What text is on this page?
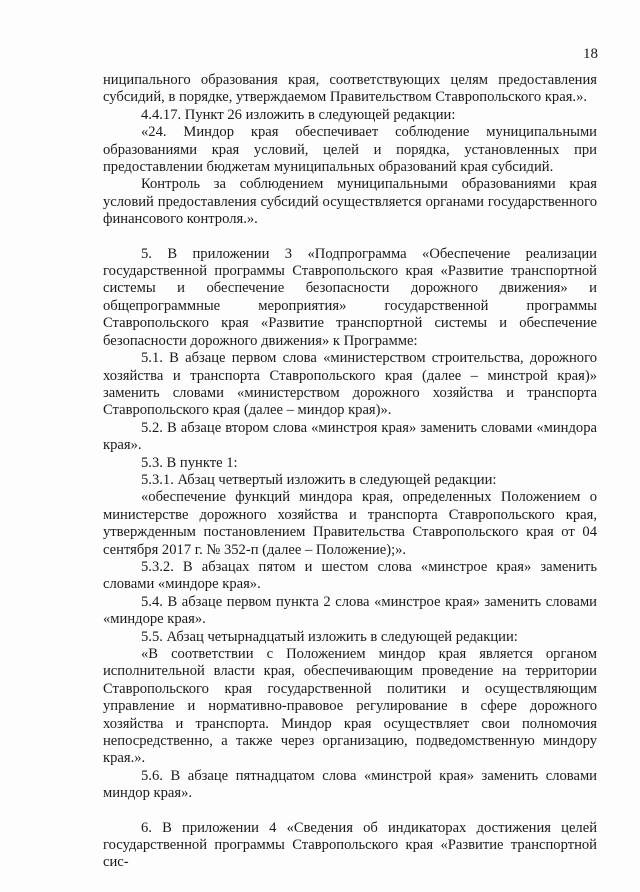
18

ниципального образования края, соответствующих целям предоставления субсидий, в порядке, утверждаемом Правительством Ставропольского края.».

4.4.17. Пункт 26 изложить в следующей редакции:

«24. Миндор края обеспечивает соблюдение муниципальными образованиями края условий, целей и порядка, установленных при предоставлении бюджетам муниципальных образований края субсидий.

Контроль за соблюдением муниципальными образованиями края условий предоставления субсидий осуществляется органами государственного финансового контроля.».

5. В приложении 3 «Подпрограмма «Обеспечение реализации государственной программы Ставропольского края «Развитие транспортной системы и обеспечение безопасности дорожного движения» и общепрограммные мероприятия» государственной программы Ставропольского края «Развитие транспортной системы и обеспечение безопасности дорожного движения» к Программе:

5.1. В абзаце первом слова «министерством строительства, дорожного хозяйства и транспорта Ставропольского края (далее – минстрой края)» заменить словами «министерством дорожного хозяйства и транспорта Ставропольского края (далее – миндор края)».

5.2. В абзаце втором слова «минстроя края» заменить словами «миндора края».

5.3. В пункте 1:

5.3.1. Абзац четвертый изложить в следующей редакции:

«обеспечение функций миндора края, определенных Положением о министерстве дорожного хозяйства и транспорта Ставропольского края, утвержденным постановлением Правительства Ставропольского края от 04 сентября 2017 г. № 352-п (далее – Положение);».

5.3.2. В абзацах пятом и шестом слова «минстрое края» заменить словами «миндоре края».

5.4. В абзаце первом пункта 2 слова «минстрое края» заменить словами «миндоре края».

5.5. Абзац четырнадцатый изложить в следующей редакции:

«В соответствии с Положением миндор края является органом исполнительной власти края, обеспечивающим проведение на территории Ставропольского края государственной политики и осуществляющим управление и нормативно-правовое регулирование в сфере дорожного хозяйства и транспорта. Миндор края осуществляет свои полномочия непосредственно, а также через организацию, подведомственную миндору края.».

5.6. В абзаце пятнадцатом слова «минстрой края» заменить словами миндор края».

6. В приложении 4 «Сведения об индикаторах достижения целей государственной программы Ставропольского края «Развитие транспортной сис-
